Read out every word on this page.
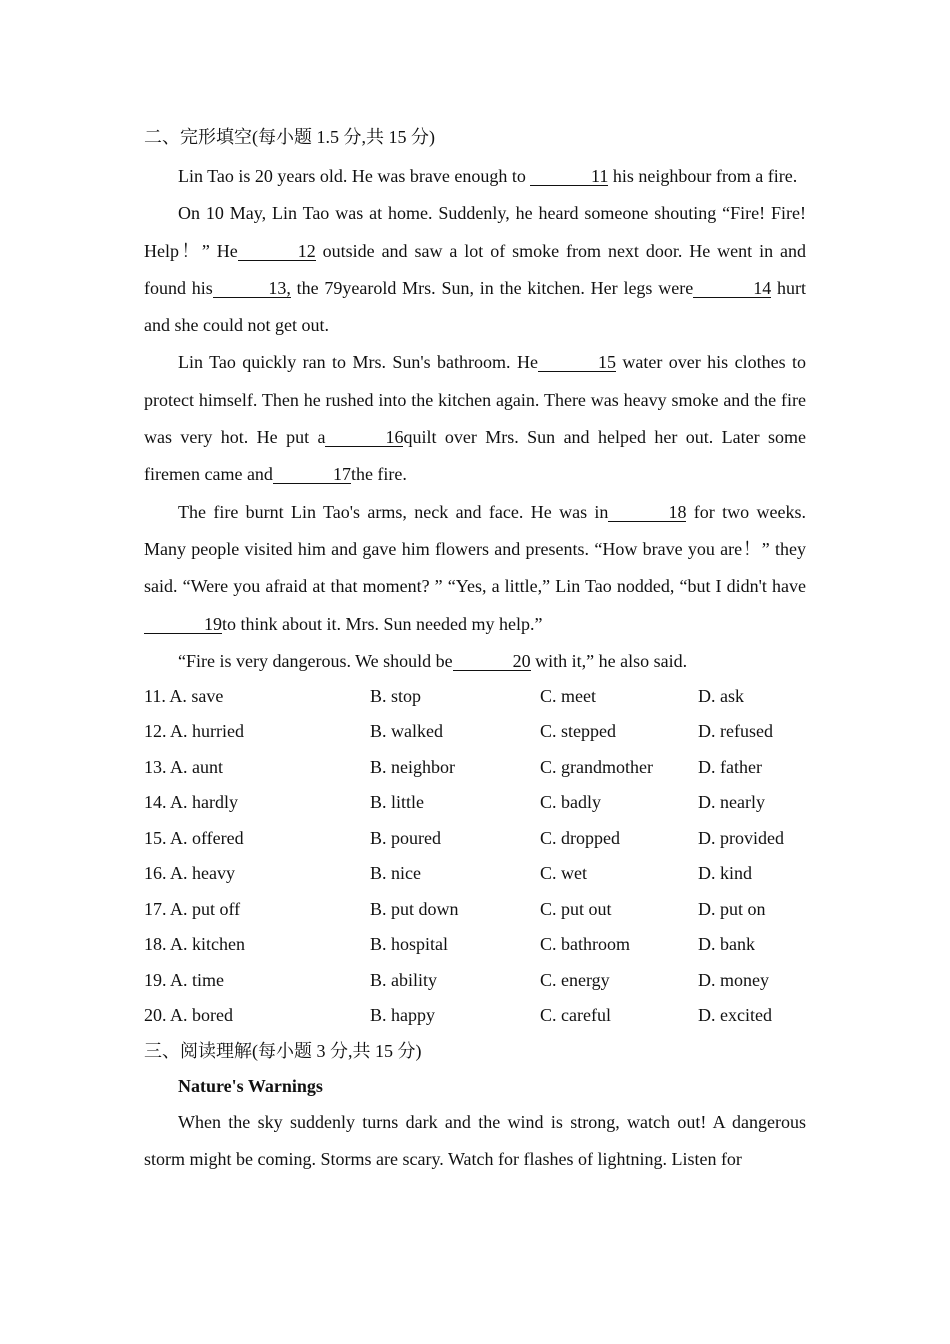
二、完形填空(每小题 1.5 分,共 15 分)

Lin Tao is 20 years old. He was brave enough to	11 his neighbour from a fire.

On 10 May, Lin Tao was at home. Suddenly, he heard someone shouting “Fire! Fire! Help！” He	12 outside and saw a lot of smoke from next door. He went in and found his	13, the 79yearold Mrs. Sun, in the kitchen. Her legs were	14 hurt and she could not get out.

Lin Tao quickly ran to Mrs. Sun's bathroom. He	15 water over his clothes to protect himself. Then he rushed into the kitchen again. There was heavy smoke and the fire was very hot. He put a	16quilt over Mrs. Sun and helped her out. Later some firemen came and	17the fire.

The fire burnt Lin Tao's arms, neck and face. He was in	18 for two weeks. Many people visited him and gave him flowers and presents. “How brave you are！” they said. “Were you afraid at that moment? ” “Yes, a little,” Lin Tao nodded, “but I didn't have19to think about it. Mrs. Sun needed my help.”

“Fire is very dangerous. We should be	20 with it,” he also said.

11. A. save	B. stop	C. meet	D. ask
12. A. hurried	B. walked	C. stepped	D. refused
13. A. aunt	B. neighbor	C. grandmother	D. father
14. A. hardly	B. little	C. badly	D. nearly
15. A. offered	B. poured	C. dropped	D. provided
16. A. heavy	B. nice	C. wet	D. kind
17. A. put off	B. put down	C. put out	D. put on
18. A. kitchen	B. hospital	C. bathroom	D. bank
19. A. time	B. ability	C. energy	D. money
20. A. bored	B. happy	C. careful	D. excited
三、阅读理解(每小题 3 分,共 15 分)
Nature's Warnings

When the sky suddenly turns dark and the wind is strong, watch out! A dangerous storm might be coming. Storms are scary. Watch for flashes of lightning. Listen for
